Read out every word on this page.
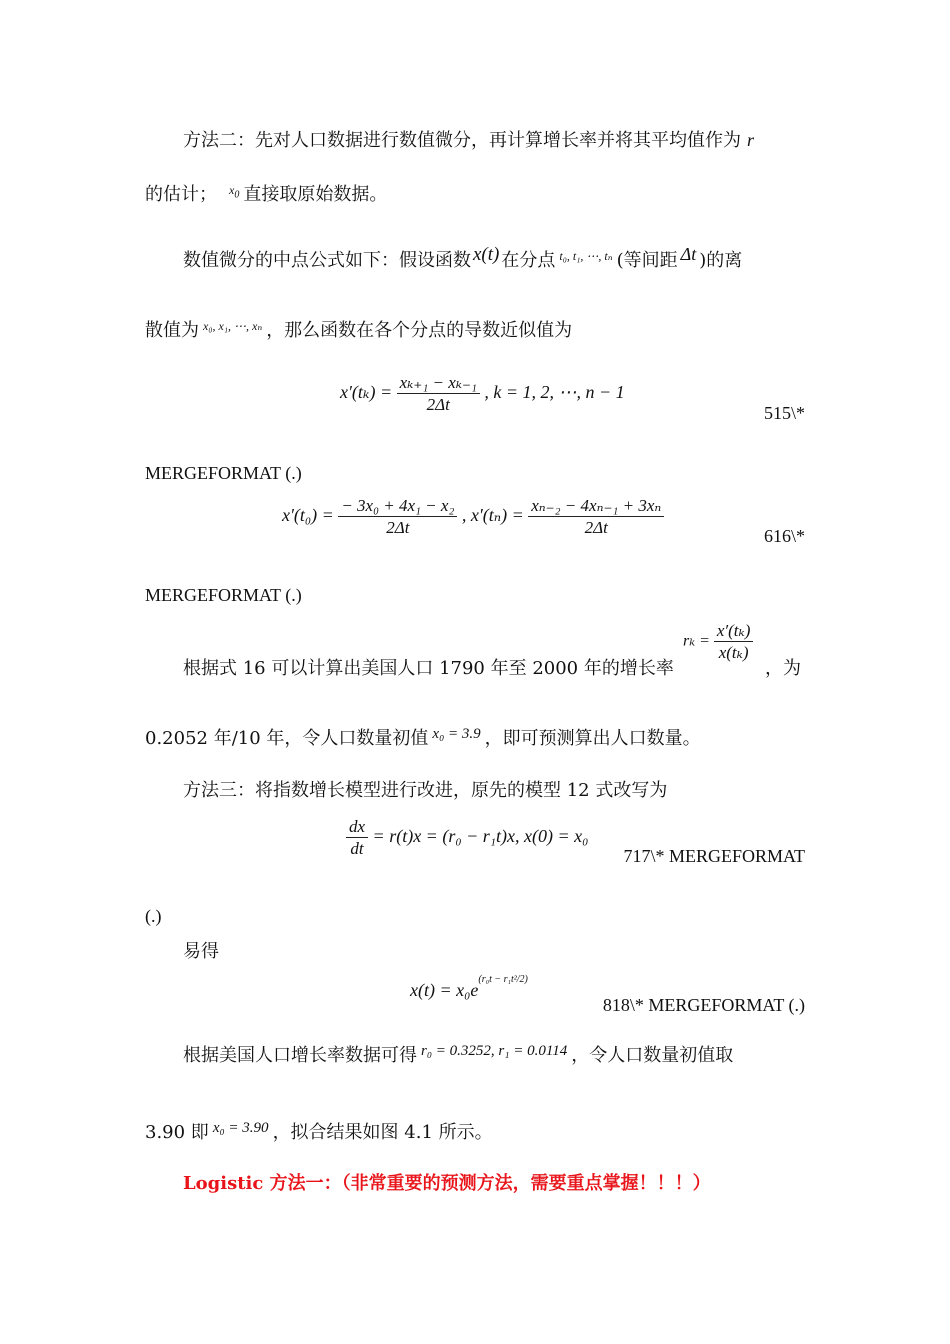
方法二：先对人口数据进行数值微分，再计算增长率并将其平均值作为 r
的估计； $^{x_0}$ 直接取原始数据。
数值微分的中点公式如下：假设函数 x(t) 在分点 $^{t_0, t_1, \cdots, t_n}$ (等间距 Δt )的离
散值为 $^{x_0, x_1, \cdots, x_n}$ ，那么函数在各个分点的导数近似值为
$x'(t_k) = \frac{\text{xₖ₊₁ − xₖ₋₁}}{2\Delta t}$ , k = 1, 2, ⋯, n − 1
515\*
MERGEFORMAT (.)
$x'(t_0) = \frac{\text{− 3x₀ + 4x₁ − x₂}}{2\Delta t}$ , $x'(t_n) = \frac{\text{xₙ₋₂ − 4xₙ₋₁ + 3xₙ}}{2\Delta t}$	616\*
MERGEFORMAT (.)
$r_k = \frac{\text{x′(tₖ)}}{\text{x(tₖ)}}$
根据式 16 可以计算出美国人口 1790 年至 2000 年的增长率	，为
0.2052 年/10 年，令人口数量初值 $^{x_0 = 3.9}$ ，即可预测算出人口数量。
方法三：将指数增长模型进行改进，原先的模型 12 式改写为
$\frac{dx}{dt} = r(t)x = (r_0 - r_1t)x$, x(0) = x₀
717\* MERGEFORMAT
(.)
易得
$x(t) = x_0e^{(r_0t - r_1t^2/2)}$
818\* MERGEFORMAT (.)
根据美国人口增长率数据可得 $^{r_0 = 0.3252, r_1 = 0.0114}$ ，令人口数量初值取
3.90 即 $^{x_0 = 3.90}$ ，拟合结果如图 4.1 所示。
Logistic 方法一：（非常重要的预测方法，需要重点掌握！！！）
